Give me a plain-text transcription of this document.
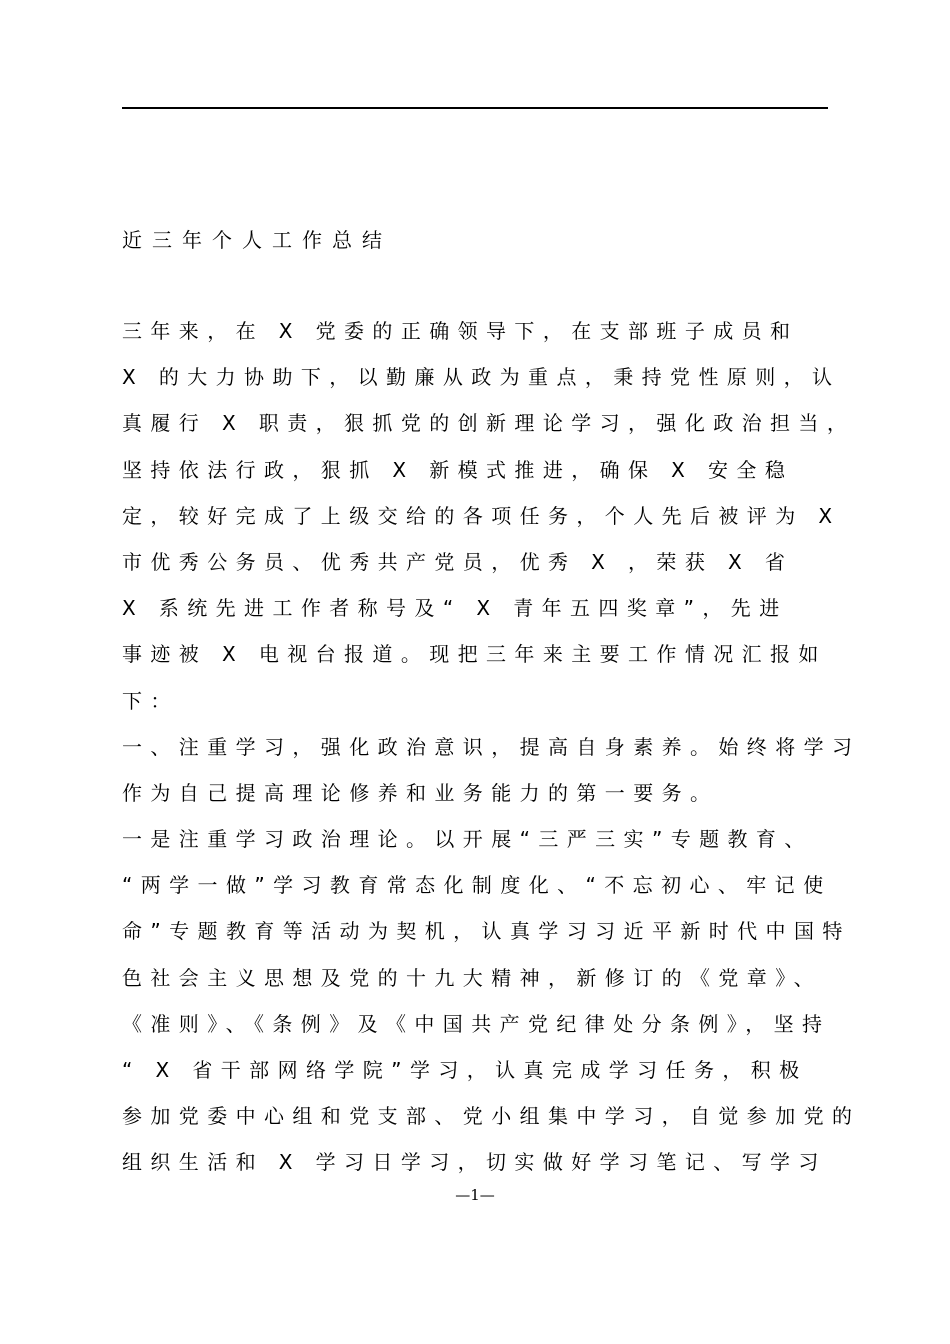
近三年个人工作总结
三年来，在 X 党委的正确领导下，在支部班子成员和
X 的大力协助下，以勤廉从政为重点，秉持党性原则，认
真履行 X 职责，狠抓党的创新理论学习，强化政治担当，
坚持依法行政，狠抓 X 新模式推进，确保 X 安全稳
定，较好完成了上级交给的各项任务，个人先后被评为 X
市优秀公务员、优秀共产党员，优秀 X ，荣获 X 省
X 系统先进工作者称号及“ X 青年五四奖章”，先进
事迹被 X 电视台报道。现把三年来主要工作情况汇报如
下：
一、注重学习，强化政治意识，提高自身素养。始终将学习
作为自己提高理论修养和业务能力的第一要务。
一是注重学习政治理论。以开展“三严三实”专题教育、
“两学一做”学习教育常态化制度化、“不忘初心、牢记使
命”专题教育等活动为契机，认真学习习近平新时代中国特
色社会主义思想及党的十九大精神，新修订的《党章》、
《准则》、《条例》及《中国共产党纪律处分条例》，坚持
“ X 省干部网络学院”学习，认真完成学习任务，积极
参加党委中心组和党支部、党小组集中学习，自觉参加党的
组织生活和 X 学习日学习，切实做好学习笔记、写学习
—1—
